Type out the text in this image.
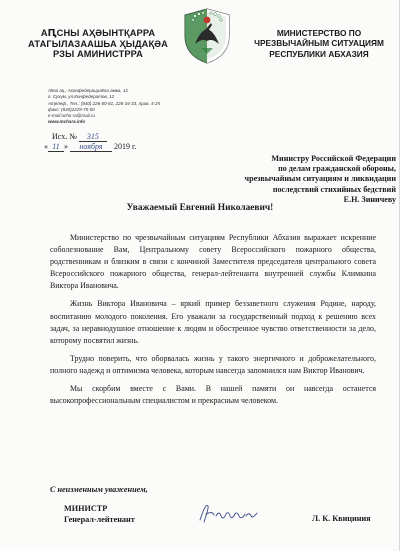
АԤСНЫ АҲӘЫНТҚАРРА
АТАГЫЛАЗААШЬА ҲЫДАҚӘА
РЗЫ АМИНИСТРРА
МИНИСТЕРСТВО ПО
ЧРЕЗВЫЧАЙНЫМ СИТУАЦИЯМ
РЕСПУБЛИКИ АБХАЗИЯ
Аҟәа ақ., Аконфедерациаҟәа амҩа, 12
г. Сухум, ул.Конфедератов, 12
Аҭелеф., Тел.: (840) 226-50-81, 226-34-33, прав. 4-25
факс: (840)2229-75-50
e-mail:ucho-ra@mail.ru
www.mchsra.info
Исх. № 315
« 11 » ноября 2019 г.
Министру Российской Федерации
по делам гражданской обороны,
чрезвычайным ситуациям и ликвидации
последствий стихийных бедствий
Е.Н. Зиничеву
Уважаемый Евгений Николаевич!

Министерство по чрезвычайным ситуациям Республики Абхазия выражает искренние соболезнование Вам, Центральному совету Всероссийского пожарного общества, родственникам и близким в связи с кончиной Заместителя председателя центрального совета Всероссийского пожарного общества, генерал-лейтенанта внутренней службы Климкина Виктора Ивановича.

Жизнь Виктора Ивановича – яркий пример беззаветного служения Родине, народу, воспитанию молодого поколения. Его уважали за государственный подход к решению всех задач, за неравнодушное отношение к людям и обостренное чувство ответственности за дело, которому посвятил жизнь.

Трудно поверить, что оборвалась жизнь у такого энергичного и доброжелательного, полного надежд и оптимизма человека, которым навсегда запомнился нам Виктор Иванович.

Мы скорбим вместе с Вами. В нашей памяти он навсегда останется высокопрофессиональным специалистом и прекрасным человеком.

С неизменным уважением,
МИНИСТР
Генерал-лейтенант	Л. К. Квициния
